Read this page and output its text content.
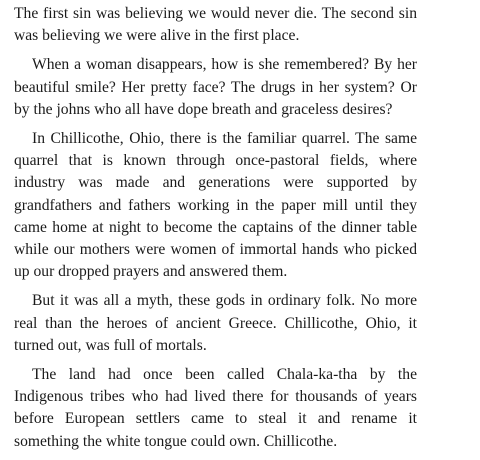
The first sin was believing we would never die. The second sin was believing we were alive in the first place.

When a woman disappears, how is she remembered? By her beautiful smile? Her pretty face? The drugs in her system? Or by the johns who all have dope breath and graceless desires?

In Chillicothe, Ohio, there is the familiar quarrel. The same quarrel that is known through once-pastoral fields, where industry was made and generations were supported by grandfathers and fathers working in the paper mill until they came home at night to become the captains of the dinner table while our mothers were women of immortal hands who picked up our dropped prayers and answered them.

But it was all a myth, these gods in ordinary folk. No more real than the heroes of ancient Greece. Chillicothe, Ohio, it turned out, was full of mortals.

The land had once been called Chala-ka-tha by the Indigenous tribes who had lived there for thousands of years before European settlers came to steal it and rename it something the white tongue could own. Chillicothe.
